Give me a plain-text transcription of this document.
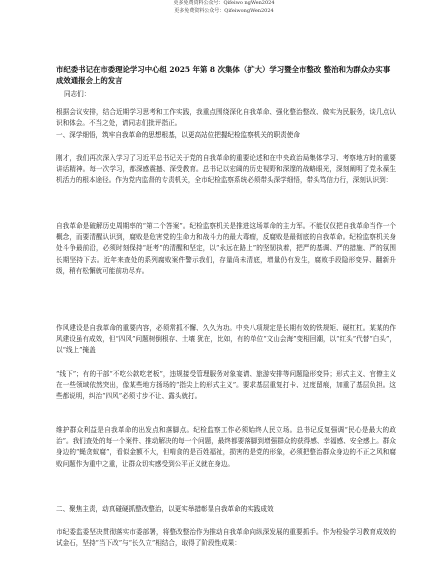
更多免费资料公众号：Qifeiwo ngWen2024
更多免费资料公众号：QifeiwongWen2024
市纪委书记在市委理论学习中心组 2025 年第 8 次集体（扩大）学习暨全市整改 整治和为群众办实事成效通报会上的发言
同志们：
根据会议安排，结合近期学习思考和工作实践，我重点围绕深化自我革命、强化整治整改、做实为民服务，谈几点认识和体会。不当之处，请同志们批评指正。
一、深学细悟，筑牢自我革命的思想根基，以更高站位把握纪检监察机关的职责使命
刚才，我们再次深入学习了习近平总书记关于党的自我革命的重要论述和在中央政治局集体学习、考察地方时的重要讲话精神。每一次学习，都深感震撼、深受教育。总书记以宏阔的历史视野和深邃的战略眼光，深刻阐明了党永葆生机活力的根本途径。作为党内监督的专责机关，全市纪检监察系统必须带头深学细悟，带头笃信力行，深刻认识到：
自我革命是破解历史周期率的“第二个答案”。纪检监察机关是推进这场革命的主力军。不能仅仅把自我革命当作一个概念，而要清醒认识到，腐败是危害党的生命力和战斗力的最大毒瘤，反腐败是最彻底的自我革命。纪检监察机关身处斗争最前沿，必须时刻保持“赶考”的清醒和坚定，以“永远在路上”的坚韧执着，把严的基调、严的措施、严的氛围长期坚持下去。近年来查处的系列腐败案件警示我们，存量尚未清底，增量仍有发生，腐败手段隐形变异、翻新升级，稍有松懈就可能前功尽弃。
作风建设是自我革命的重要内容，必须常抓不懈、久久为功。中央八项规定是长期有效的铁规矩、硬杠杠。某某的作风建设虽有成效，但“四风”问题树倒根存、土壤 犹在，比如，有的单位“文山会海”变相回潮，以“红头”代替“白头”，以“线上”掩盖
“线下”；有的干部“不吃公款吃老板”，违规接受管理服务对象宴请、旅游安排等问题隐形变异；形式主义、官僚主义在一些领域依然突出，像某些地方扬场的“指尖上的形式主义”。要求基层重复打卡、过度留痕，加重了基层负担。这些都说明，纠治“四风”必须寸步不让、露头就打。
维护群众利益是自我革命的出发点和落脚点。纪检监察工作必须始终人民立场。总书记反复强调“民心是最大的政治”。我们查处的每一个案件、推动解决的每一个问题，最终都要落脚到增强群众的获得感、幸福感、安全感上。群众身边的“蝇贪蚁腐”，看似金额不大，但啃食的是百姓福祉，损害的是党的形象，必须把整治群众身边的不正之风和腐败问题作为重中之重，让群众切实感受到公平正义就在身边。
二、聚焦主责，动真碰硬抓整改整治，以更实举措彰显自我革命的实践成效
市纪委监委坚决贯彻落实市委部署，将整改整治作为推动自我革命向纵深发展的重要抓手。作为检验学习教育成效的试金石，坚持“当下改”与“长久立”相结合，取得了阶段性成果：
